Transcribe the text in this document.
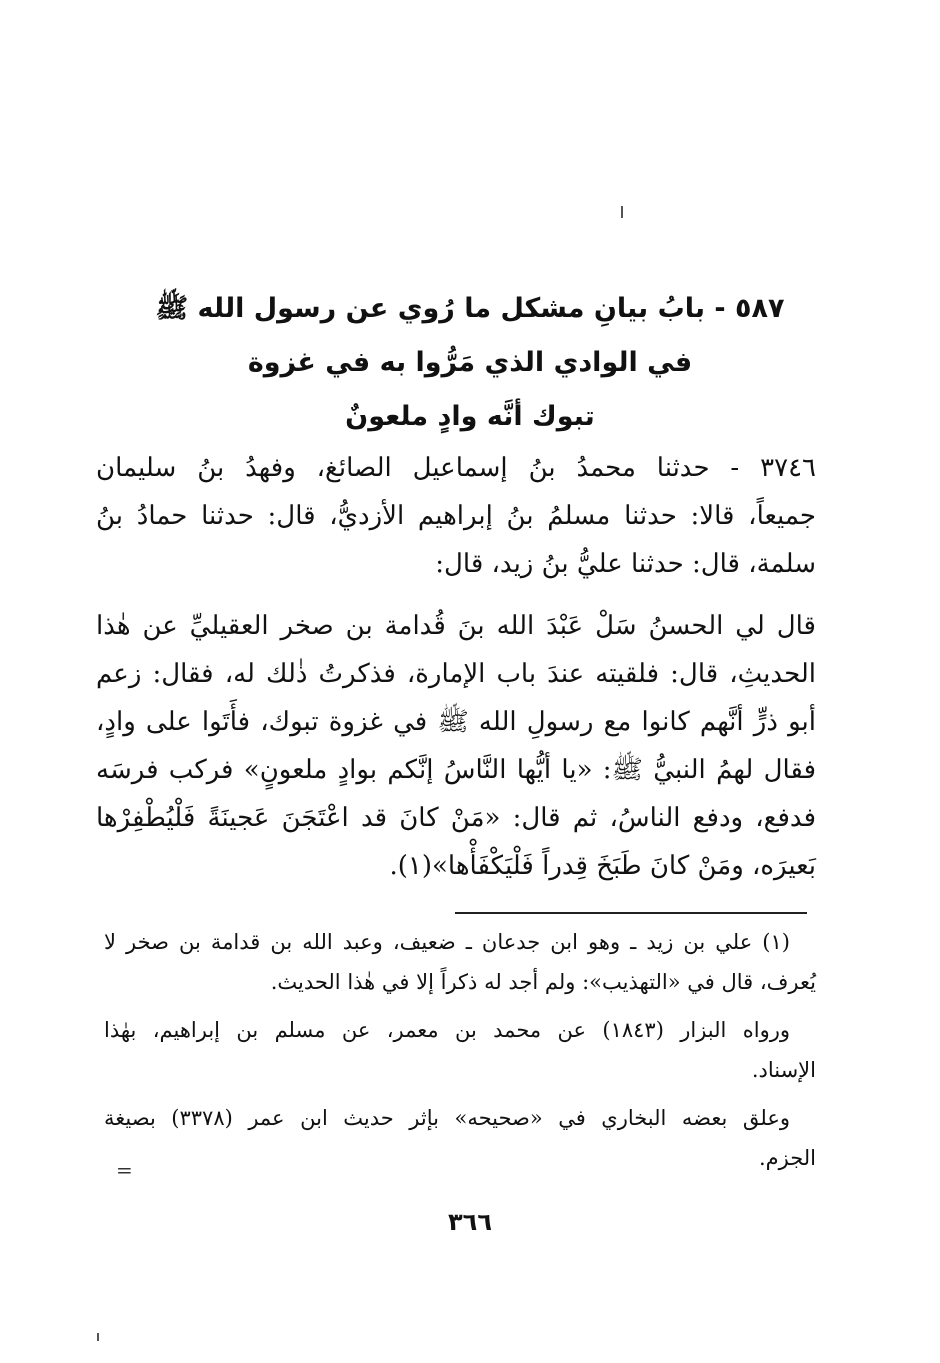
٥٨٧ - بابُ بيانِ مشكل ما رُوي عن رسول الله ﷺ
في الوادي الذي مَرُّوا به في غزوة
تبوك أنَّه وادٍ ملعونٌ
٣٧٤٦ - حدثنا محمدُ بنُ إسماعيل الصائغ، وفهدُ بنُ سليمان
جميعاً، قالا: حدثنا مسلمُ بنُ إبراهيم الأزديُّ، قال: حدثنا حمادُ بنُ
سلمة، قال: حدثنا عليُّ بنُ زيد، قال:
قال لي الحسنُ سَلْ عَبْدَ الله بنَ قُدامة بن صخر العقيليِّ عن هٰذا
الحديثِ، قال: فلقيته عندَ باب الإمارة، فذكرتُ ذٰلك له، فقال: زعم
أبو ذرٍّ أنَّهم كانوا مع رسولِ الله ﷺ في غزوة تبوك، فأَتَوا على وادٍ،
فقال لهمُ النبيُّ ﷺ: «يا أيُّها النَّاسُ إنَّكم بوادٍ ملعونٍ» فركب فرسَه
فدفع، ودفع الناسُ، ثم قال: «مَنْ كانَ قد اعْتَجَنَ عَجينَةً فَلْيُطْفِرْها
بَعيرَه، ومَنْ كانَ طَبَخَ قِدراً فَلْيَكْفَأْها»(١).
(١) علي بن زيد ـ وهو ابن جدعان ـ ضعيف، وعبد الله بن قدامة بن صخر لا
يُعرف، قال في «التهذيب»: ولم أجد له ذكراً إلا في هٰذا الحديث.
ورواه البزار (١٨٤٣) عن محمد بن معمر، عن مسلم بن إبراهيم، بهٰذا
الإسناد.
وعلق بعضه البخاري في «صحيحه» بإثر حديث ابن عمر (٣٣٧٨) بصيغة
الجزم.
=
٣٦٦
